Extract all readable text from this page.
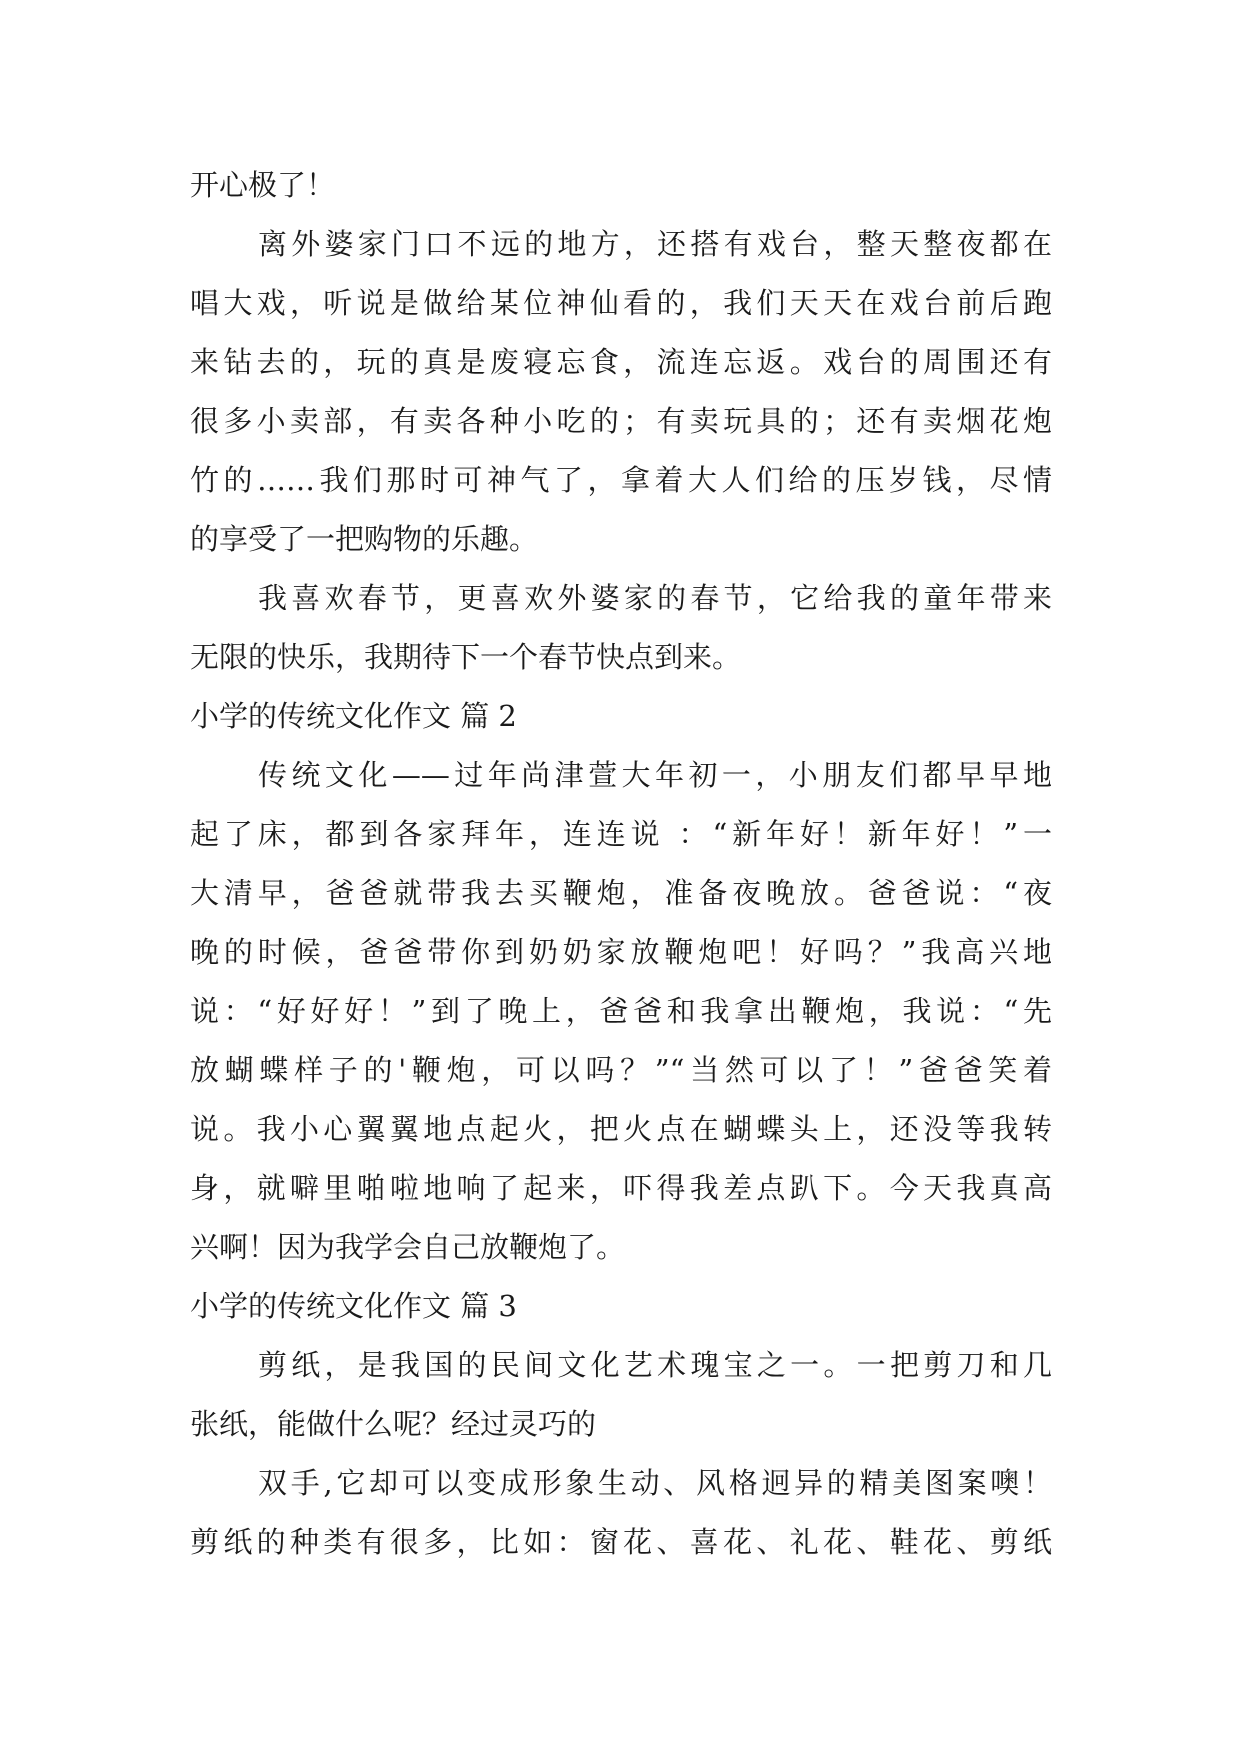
开心极了！
离外婆家门口不远的地方，还搭有戏台，整天整夜都在
唱大戏，听说是做给某位神仙看的，我们天天在戏台前后跑
来钻去的，玩的真是废寝忘食，流连忘返。戏台的周围还有
很多小卖部，有卖各种小吃的；有卖玩具的；还有卖烟花炮
竹的……我们那时可神气了，拿着大人们给的压岁钱，尽情
的享受了一把购物的乐趣。
我喜欢春节，更喜欢外婆家的春节，它给我的童年带来
无限的快乐，我期待下一个春节快点到来。
小学的传统文化作文 篇 2
传统文化——过年尚津萱大年初一，小朋友们都早早地
起了床，都到各家拜年，连连说 ：“新年好！新年好！”一
大清早，爸爸就带我去买鞭炮，准备夜晚放。爸爸说：“夜
晚的时候，爸爸带你到奶奶家放鞭炮吧！好吗？”我高兴地
说：“好好好！”到了晚上，爸爸和我拿出鞭炮，我说：“先
放蝴蝶样子的'鞭炮，可以吗？”“当然可以了！”爸爸笑着
说。我小心翼翼地点起火，把火点在蝴蝶头上，还没等我转
身，就噼里啪啦地响了起来，吓得我差点趴下。今天我真高
兴啊！因为我学会自己放鞭炮了。
小学的传统文化作文 篇 3
剪纸，是我国的民间文化艺术瑰宝之一。一把剪刀和几
张纸，能做什么呢？经过灵巧的
双手,它却可以变成形象生动、风格迥异的精美图案噢！
剪纸的种类有很多，比如：窗花、喜花、礼花、鞋花、剪纸
